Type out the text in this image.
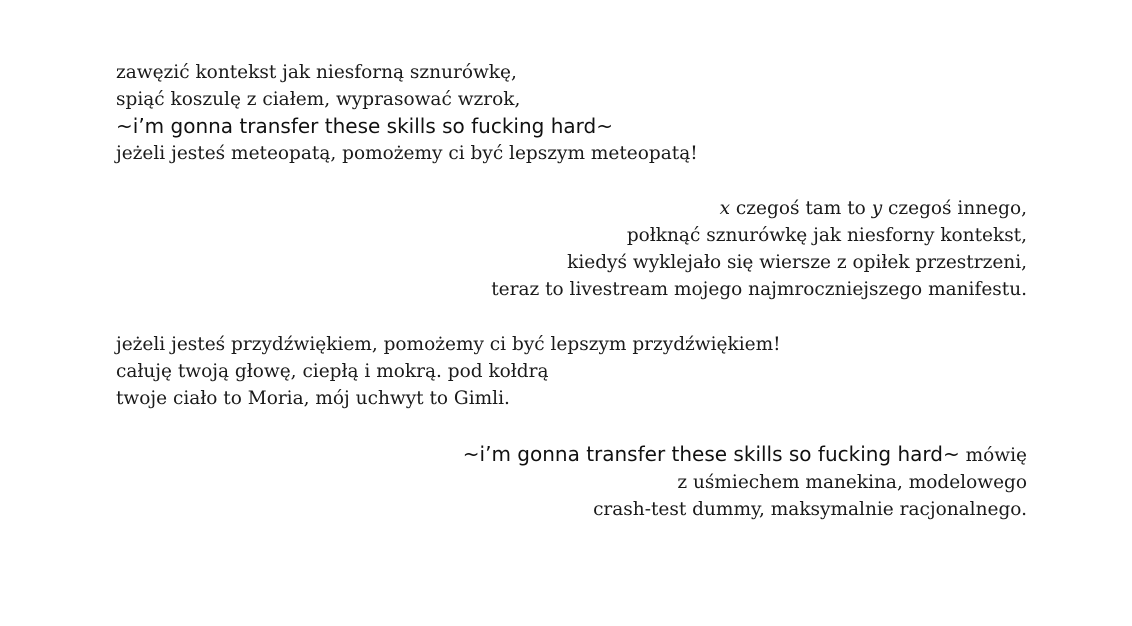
zawęzić kontekst jak niesforną sznurówkę,
spiąć koszulę z ciałem, wyprasować wzrok,
~i’m gonna transfer these skills so fucking hard~
jeżeli jesteś meteopatą, pomożemy ci być lepszym meteopatą!
x czegoś tam to y czegoś innego,
połknąć sznurówkę jak niesforny kontekst,
kiedyś wyklejało się wiersze z opiłek przestrzeni,
teraz to livestream mojego najmroczniejszego manifestu.
jeżeli jesteś przydźwiękiem, pomożemy ci być lepszym przydźwiękiem!
całuję twoją głowę, ciepłą i mokrą. pod kołdrą
twoje ciało to Moria, mój uchwyt to Gimli.
~i’m gonna transfer these skills so fucking hard~ mówię
z uśmiechem manekina, modelowego
crash-test dummy, maksymalnie racjonalnego.
